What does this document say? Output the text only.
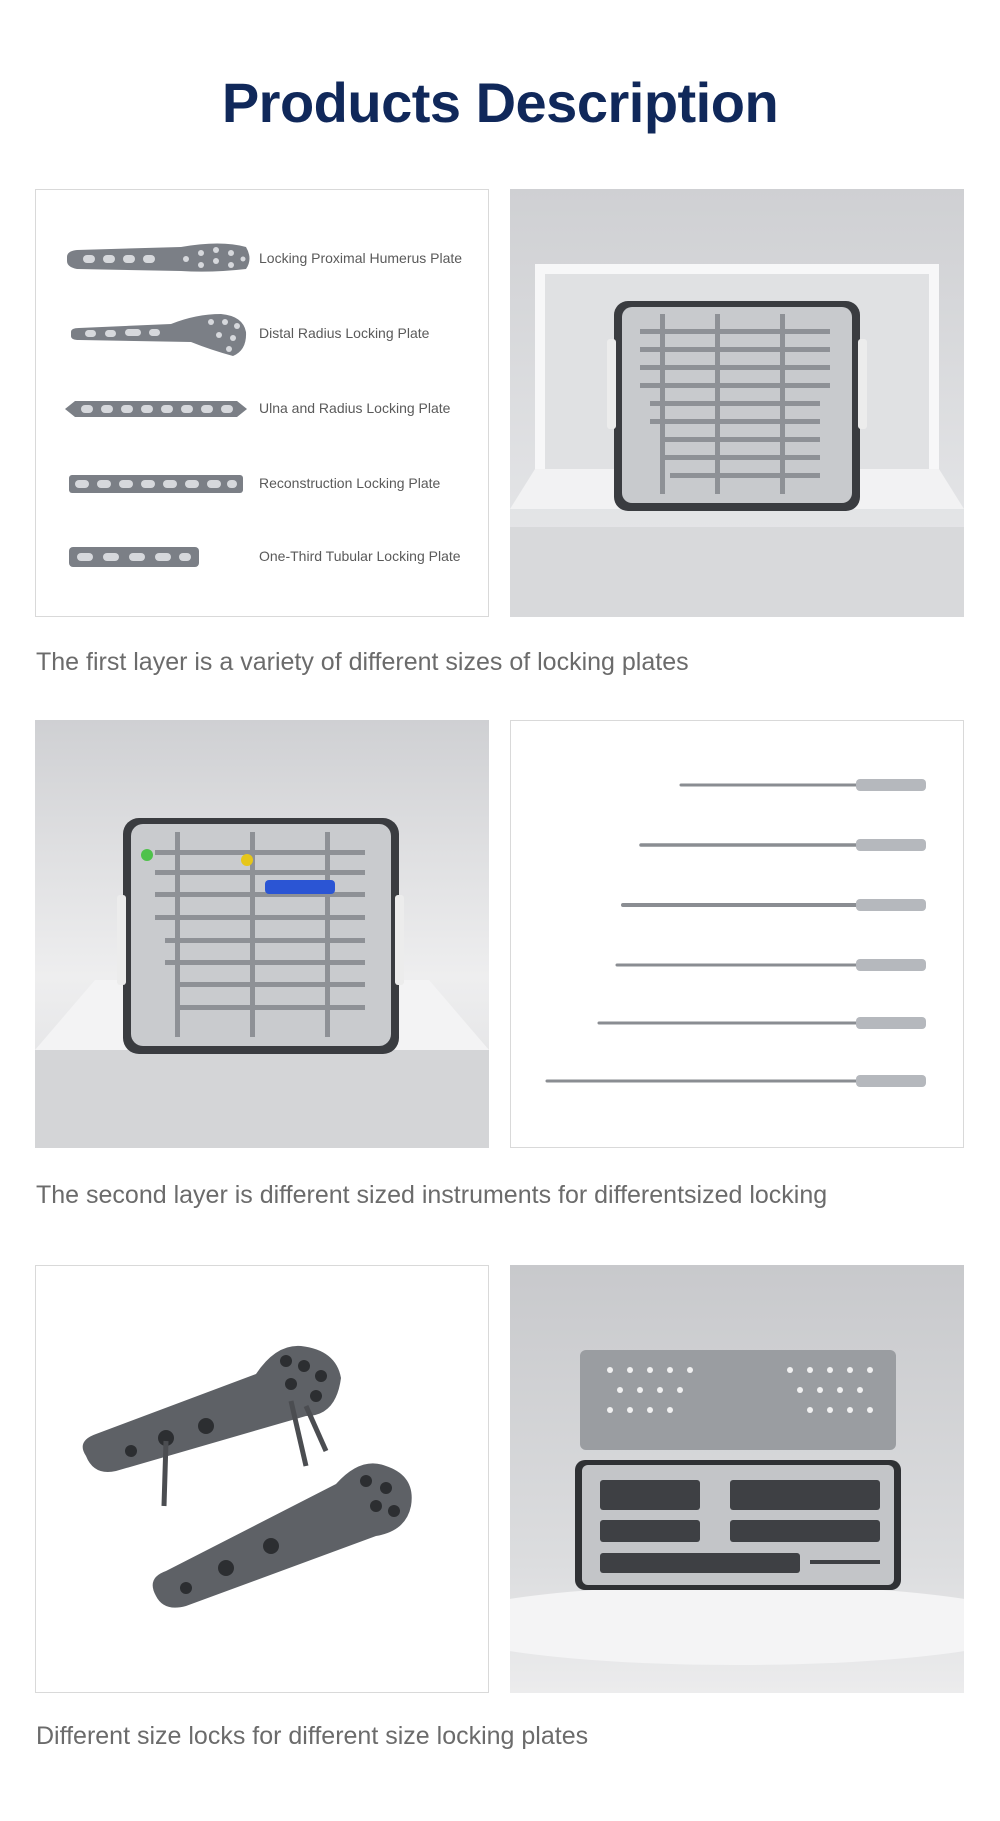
Products Description
Locking Proximal Humerus Plate
Distal Radius Locking Plate
Ulna and Radius Locking Plate
Reconstruction Locking Plate
One-Third Tubular Locking Plate

The first layer is a variety of different sizes of locking plates

The second layer is different sized instruments for differentsized locking

Different size locks for different size locking plates
